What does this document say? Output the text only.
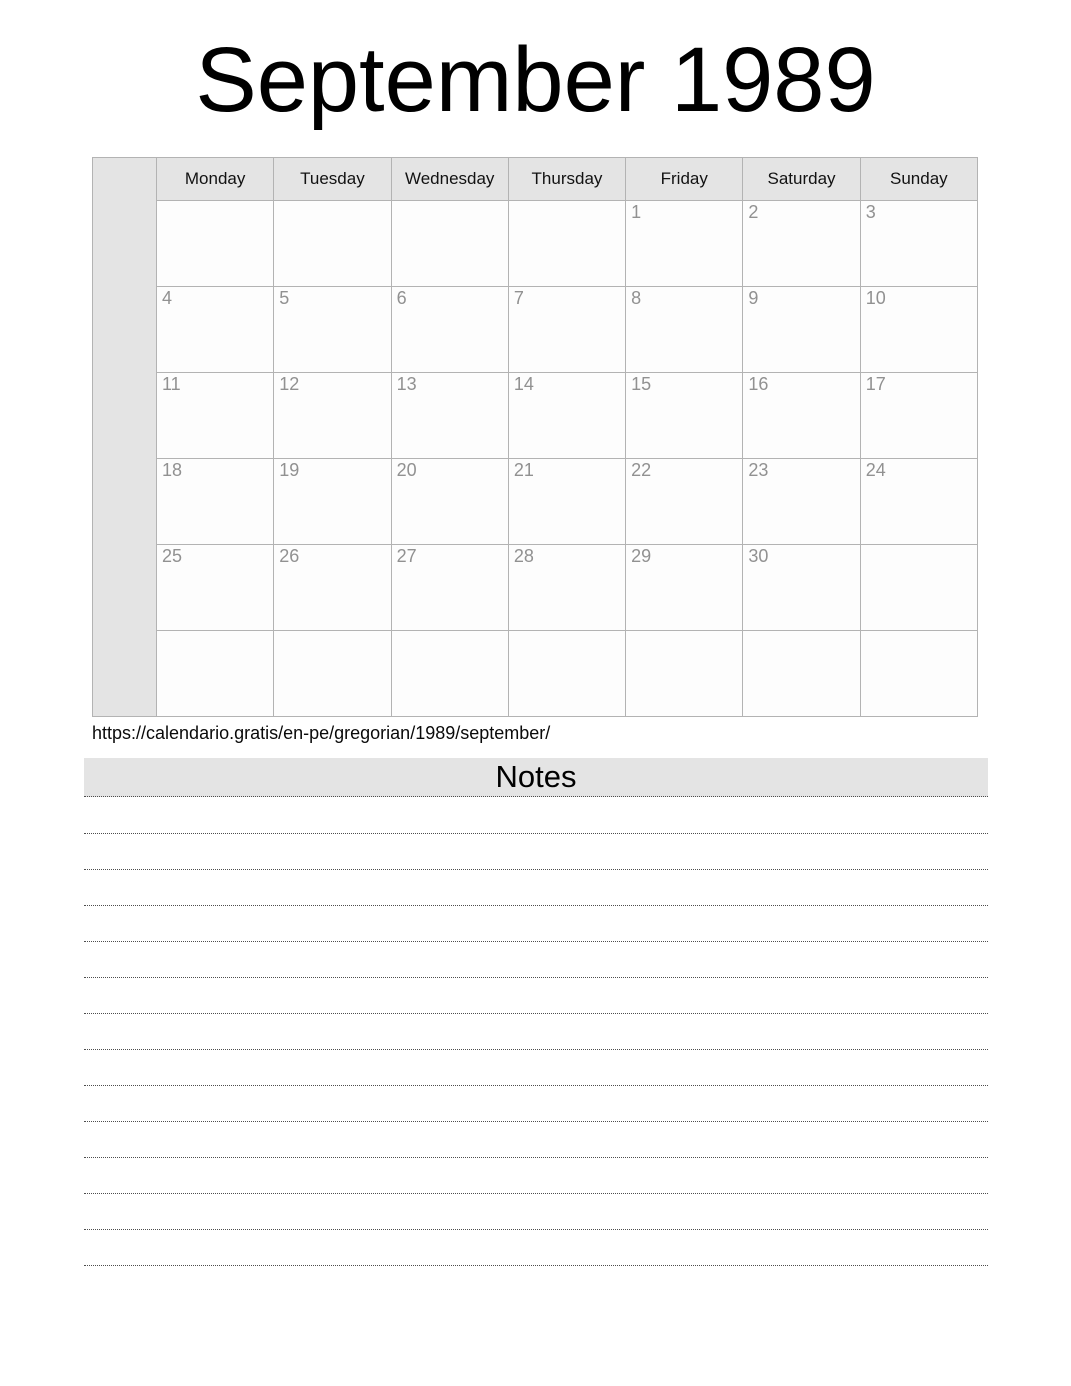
September 1989
	Monday	Tuesday	Wednesday	Thursday	Friday	Saturday	Sunday
					1	2	3
	4	5	6	7	8	9	10
	11	12	13	14	15	16	17
	18	19	20	21	22	23	24
	25	26	27	28	29	30	

https://calendario.gratis/en-pe/gregorian/1989/september/
Notes
